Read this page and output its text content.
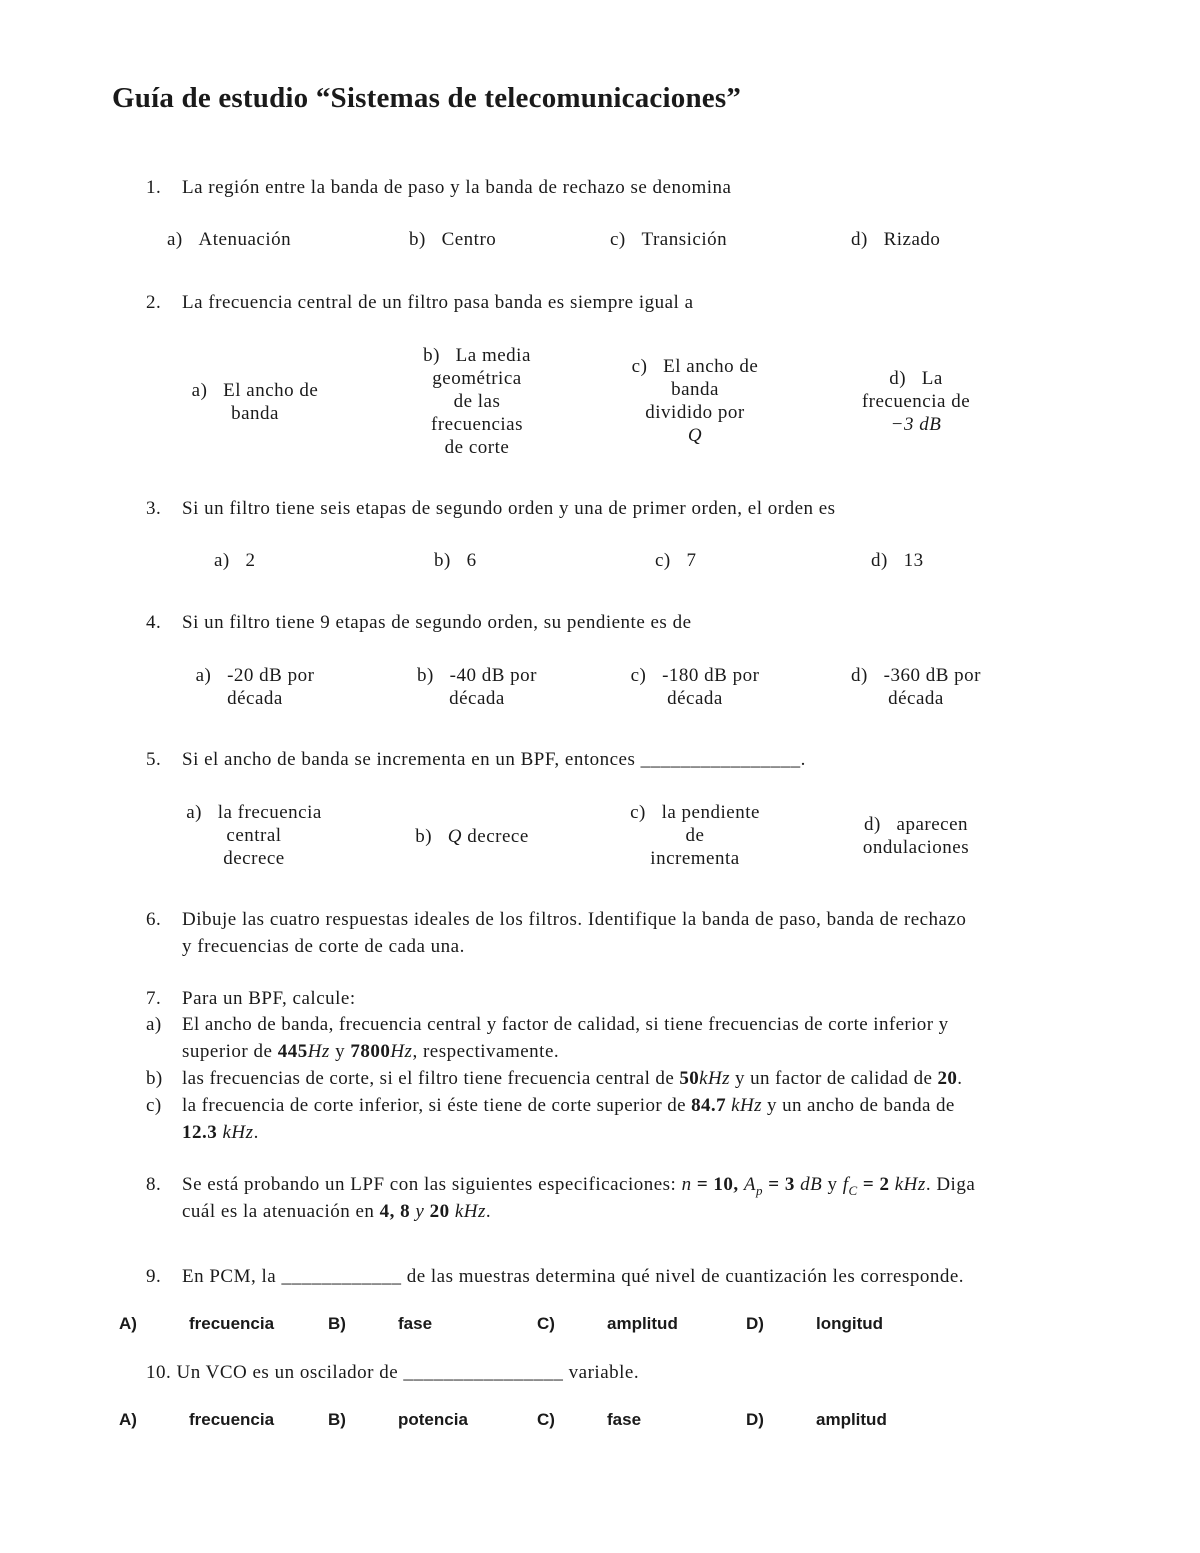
Guía de estudio “Sistemas de telecomunicaciones”
1. La región entre la banda de paso y la banda de rechazo se denomina
a) Atenuación	b) Centro	c) Transición	d) Rizado
2. La frecuencia central de un filtro pasa banda es siempre igual a
a) El ancho de
banda
b) La media
geométrica
de las
frecuencias
de corte
c) El ancho de
banda
dividido por
Q
d) La
frecuencia de
−3 dB
3. Si un filtro tiene seis etapas de segundo orden y una de primer orden, el orden es
a) 2	b) 6	c) 7	d) 13
4. Si un filtro tiene 9 etapas de segundo orden, su pendiente es de
a) -20 dB por
década
b) -40 dB por
década
c) -180 dB por
década
d) -360 dB por
década
5. Si el ancho de banda se incrementa en un BPF, entonces ________________.
a) la frecuencia
central
decrece
b) Q decrece
c) la pendiente
de
incrementa
d) aparecen
ondulaciones
6. Dibuje las cuatro respuestas ideales de los filtros. Identifique la banda de paso, banda de rechazo
y frecuencias de corte de cada una.
7. Para un BPF, calcule:
a) El ancho de banda, frecuencia central y factor de calidad, si tiene frecuencias de corte inferior y
superior de 445Hz y 7800Hz, respectivamente.
b) las frecuencias de corte, si el filtro tiene frecuencia central de 50kHz y un factor de calidad de 20.
c) la frecuencia de corte inferior, si éste tiene de corte superior de 84.7 kHz y un ancho de banda de
12.3 kHz.
8. Se está probando un LPF con las siguientes especificaciones: n = 10, $A_p = 3$ dB y $f_C = 2$ kHz. Diga
cuál es la atenuación en 4, 8 y 20 kHz.
9. En PCM, la ____________ de las muestras determina qué nivel de cuantización les corresponde.
A)	frecuencia	B)	fase	C)	amplitud	D)	longitud
10. Un VCO es un oscilador de ________________ variable.
A)	frecuencia	B)	potencia	C)	fase	D)	amplitud
